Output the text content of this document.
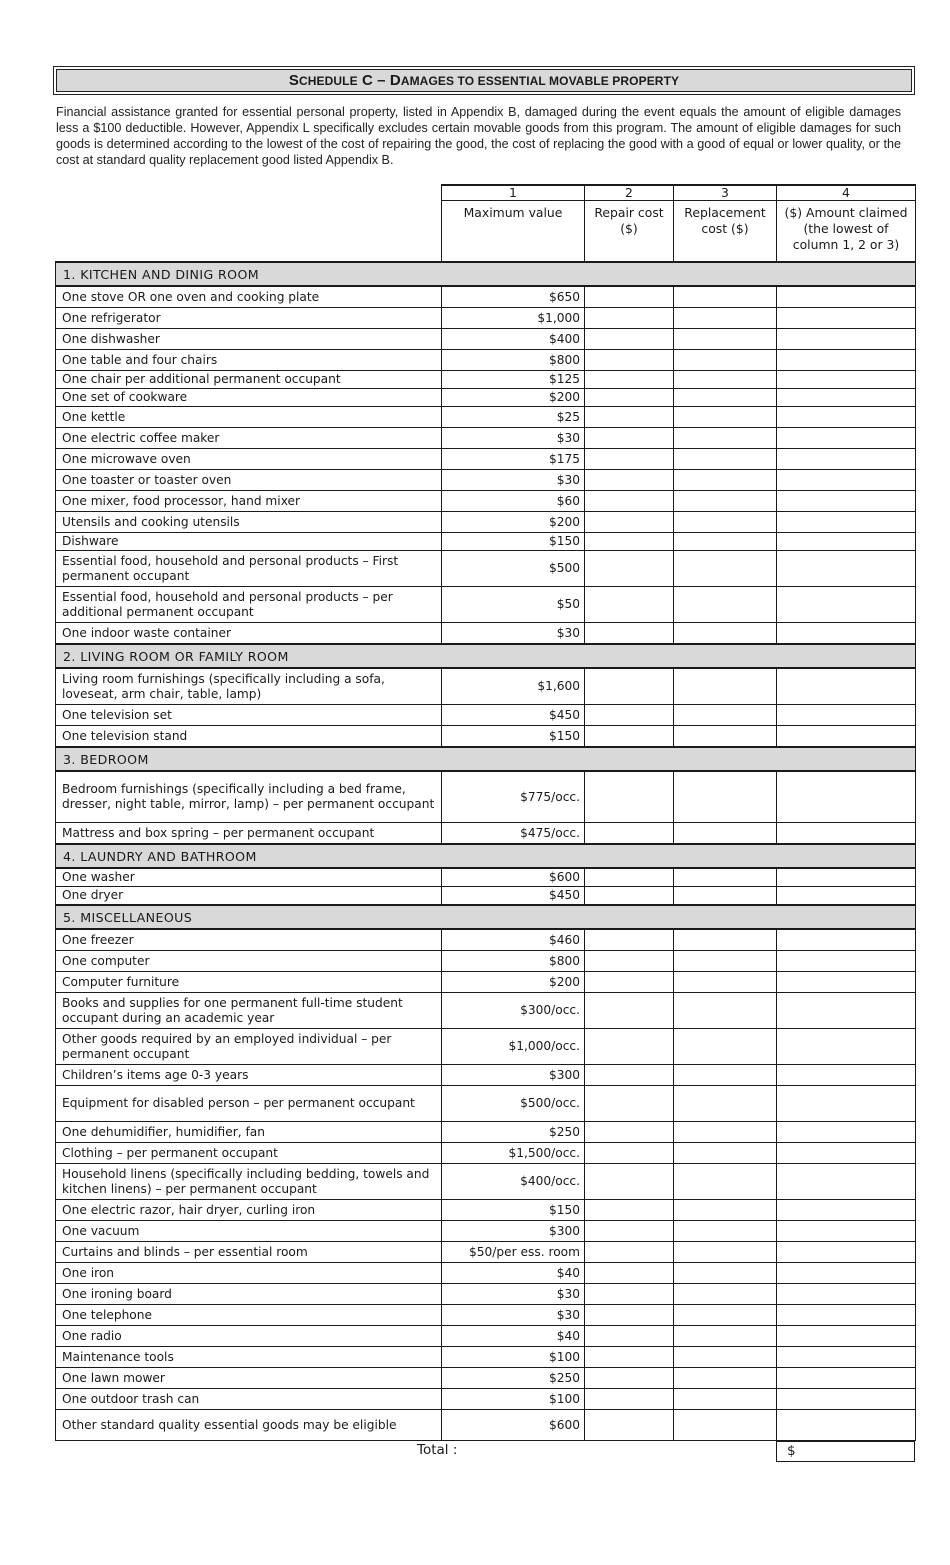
S CHEDULE C – D AMAGES TO ESSENTIAL MOVABLE PROPERTY

Financial assistance granted for essential personal property, listed in Appendix B, damaged during the event equals the amount of eligible damages less a $100 deductible. However, Appendix L specifically excludes certain movable goods from this program. The amount of eligible damages for such goods is determined according to the lowest of the cost of repairing the good, the cost of replacing the good with a good of equal or lower quality, or the cost at standard quality replacement good listed Appendix B.

	1	2	3	4
	Maximum value	Repair cost ($)	Replacement cost ($)	($) Amount claimed (the lowest of column 1, 2 or 3)
1. KITCHEN AND DINIG ROOM				
One stove OR one oven and cooking plate	$650			
One refrigerator	$1,000			
One dishwasher	$400			
One table and four chairs	$800			
One chair per additional permanent occupant	$125			
One set of cookware	$200			
One kettle	$25			
One electric coffee maker	$30			
One microwave oven	$175			
One toaster or toaster oven	$30			
One mixer, food processor, hand mixer	$60			
Utensils and cooking utensils	$200			
Dishware	$150			
Essential food, household and personal products – First permanent occupant	$500			
Essential food, household and personal products – per additional permanent occupant	$50			
One indoor waste container	$30			
2. LIVING ROOM OR FAMILY ROOM				
Living room furnishings (specifically including a sofa, loveseat, arm chair, table, lamp)	$1,600			
One television set	$450			
One television stand	$150			
3. BEDROOM				
Bedroom furnishings (specifically including a bed frame, dresser, night table, mirror, lamp) – per permanent occupant	$775/occ.			
Mattress and box spring – per permanent occupant	$475/occ.			
4. LAUNDRY AND BATHROOM				
One washer	$600			
One dryer	$450			
5. MISCELLANEOUS				
One freezer	$460			
One computer	$800			
Computer furniture	$200			
Books and supplies for one permanent full-time student occupant during an academic year	$300/occ.			
Other goods required by an employed individual – per permanent occupant	$1,000/occ.			
Children’s items age 0-3 years	$300			
Equipment for disabled person – per permanent occupant	$500/occ.			
One dehumidifier, humidifier, fan	$250			
Clothing – per permanent occupant	$1,500/occ.			
Household linens (specifically including bedding, towels and kitchen linens) – per permanent occupant	$400/occ.			
One electric razor, hair dryer, curling iron	$150			
One vacuum	$300			
Curtains and blinds – per essential room	$50/per ess. room			
One iron	$40			
One ironing board	$30			
One telephone	$30			
One radio	$40			
Maintenance tools	$100			
One lawn mower	$250			
One outdoor trash can	$100			
Other standard quality essential goods may be eligible	$600			
Total :	$
